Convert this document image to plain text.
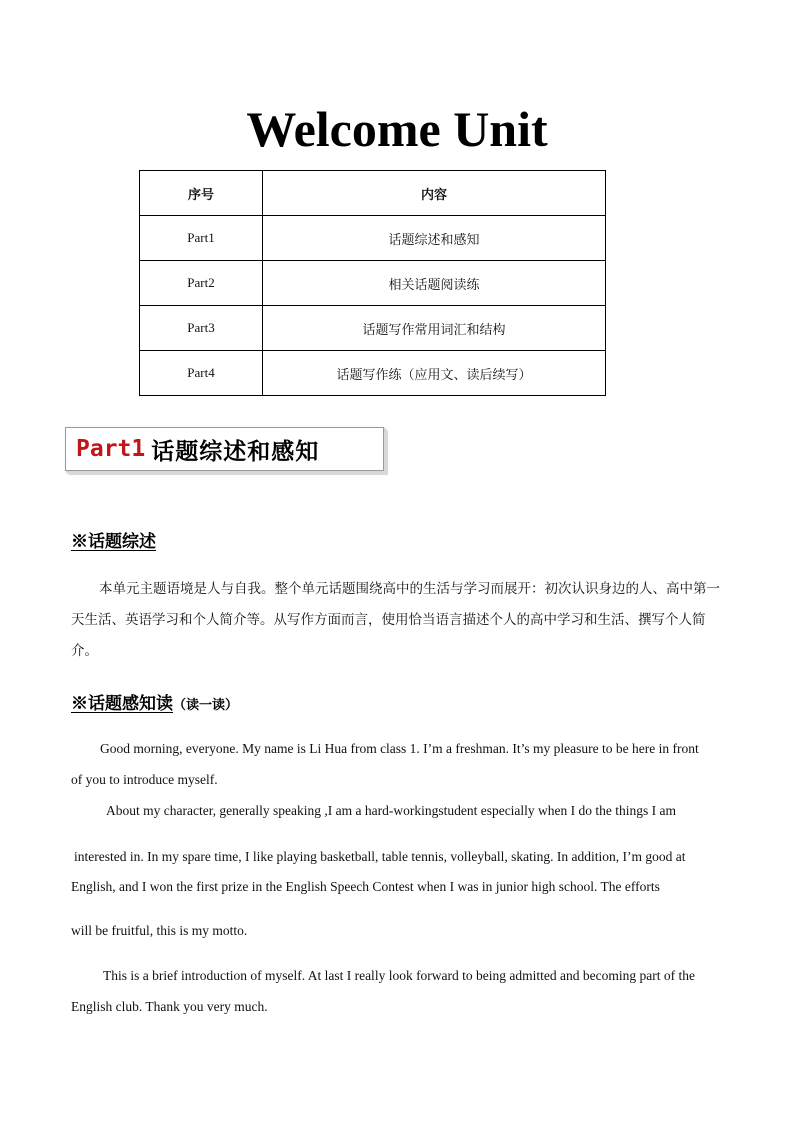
Welcome Unit
序号	内容
Part1	话题综述和感知
Part2	相关话题阅读练
Part3	话题写作常用词汇和结构
Part4	话题写作练（应用文、读后续写）
Part1 话题综述和感知
※话题综述
本单元主题语境是人与自我。整个单元话题围绕高中的生活与学习而展开：初次认识身边的人、高中第一天生活、英语学习和个人简介等。从写作方面而言，使用恰当语言描述个人的高中学习和生活、撰写个人简介。
※话题感知读（读一读）
Good morning, everyone. My name is Li Hua from class 1. I’m a freshman. It’s my pleasure to be here in front
of you to introduce myself.
About my character, generally speaking ,I am a hard-workingstudent especially when I do the things I am
interested in. In my spare time, I like playing basketball, table tennis, volleyball, skating. In addition, I’m good at
English, and I won the first prize in the English Speech Contest when I was in junior high school. The efforts
will be fruitful, this is my motto.
This is a brief introduction of myself. At last I really look forward to being admitted and becoming part of the
English club. Thank you very much.
